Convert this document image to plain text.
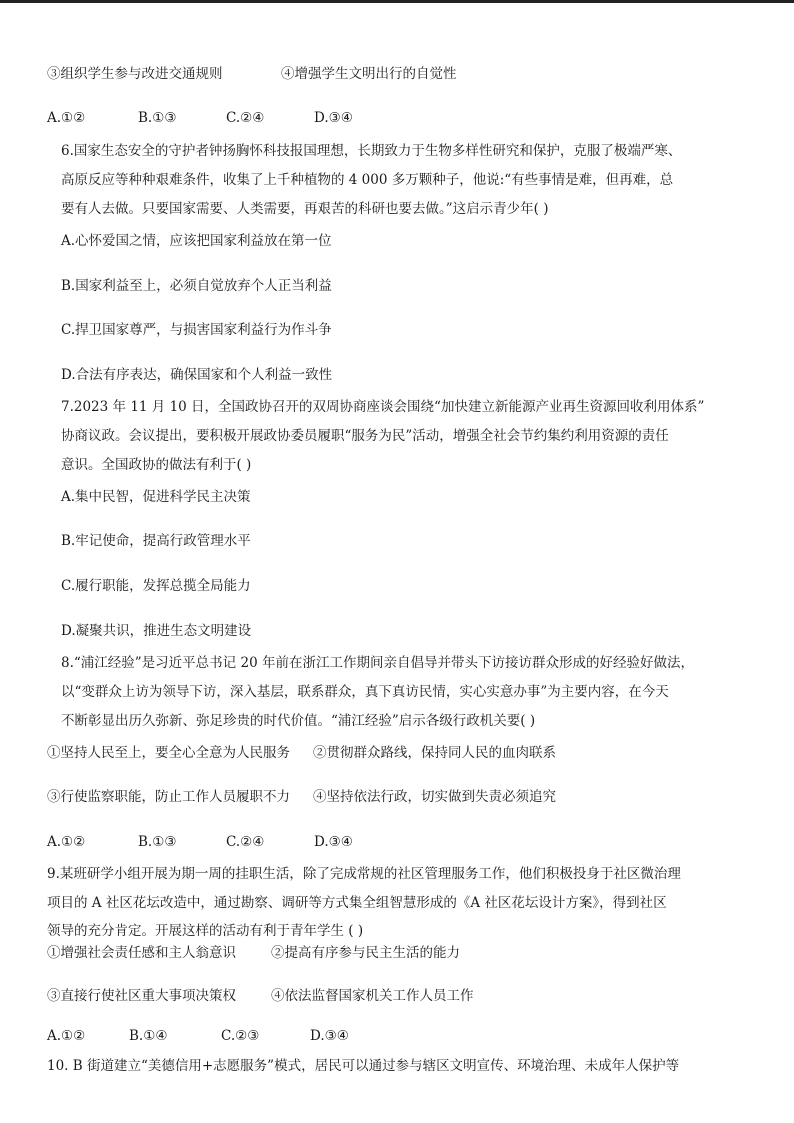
③组织学生参与改进交通规则	④增强学生文明出行的自觉性
A.①②	B.①③	C.②④	D.③④
6.国家生态安全的守护者钟扬胸怀科技报国理想，长期致力于生物多样性研究和保护，克服了极端严寒、
高原反应等种种艰难条件，收集了上千种植物的 4 000 多万颗种子，他说:“有些事情是难，但再难，总
要有人去做。只要国家需要、人类需要，再艰苦的科研也要去做。”这启示青少年( )
A.心怀爱国之情，应该把国家利益放在第一位
B.国家利益至上，必须自觉放弃个人正当利益
C.捍卫国家尊严，与损害国家利益行为作斗争
D.合法有序表达，确保国家和个人利益一致性
7.2023 年 11 月 10 日，全国政协召开的双周协商座谈会围绕“加快建立新能源产业再生资源回收利用体系”
协商议政。会议提出，要积极开展政协委员履职“服务为民”活动，增强全社会节约集约利用资源的责任
意识。全国政协的做法有利于( )
A.集中民智，促进科学民主决策
B.牢记使命，提高行政管理水平
C.履行职能，发挥总揽全局能力
D.凝聚共识，推进生态文明建设
8.“浦江经验”是习近平总书记 20 年前在浙江工作期间亲自倡导并带头下访接访群众形成的好经验好做法，
以“变群众上访为领导下访，深入基层，联系群众，真下真访民情，实心实意办事”为主要内容，在今天
不断彰显出历久弥新、弥足珍贵的时代价值。“浦江经验”启示各级行政机关要( )
①坚持人民至上，要全心全意为人民服务 ②贯彻群众路线，保持同人民的血肉联系
③行使监察职能，防止工作人员履职不力 ④坚持依法行政，切实做到失责必须追究
A.①②	B.①③	C.②④	D.③④
9.某班研学小组开展为期一周的挂职生活，除了完成常规的社区管理服务工作，他们积极投身于社区微治理
项目的 A 社区花坛改造中，通过勘察、调研等方式集全组智慧形成的《A 社区花坛设计方案》，得到社区
领导的充分肯定。开展这样的活动有利于青年学生 ( )
①增强社会责任感和主人翁意识	②提高有序参与民主生活的能力
③直接行使社区重大事项决策权	④依法监督国家机关工作人员工作
A.①②	B.①④	C.②③	D.③④
10. B 街道建立“美德信用+志愿服务”模式，居民可以通过参与辖区文明宣传、环境治理、未成年人保护等
